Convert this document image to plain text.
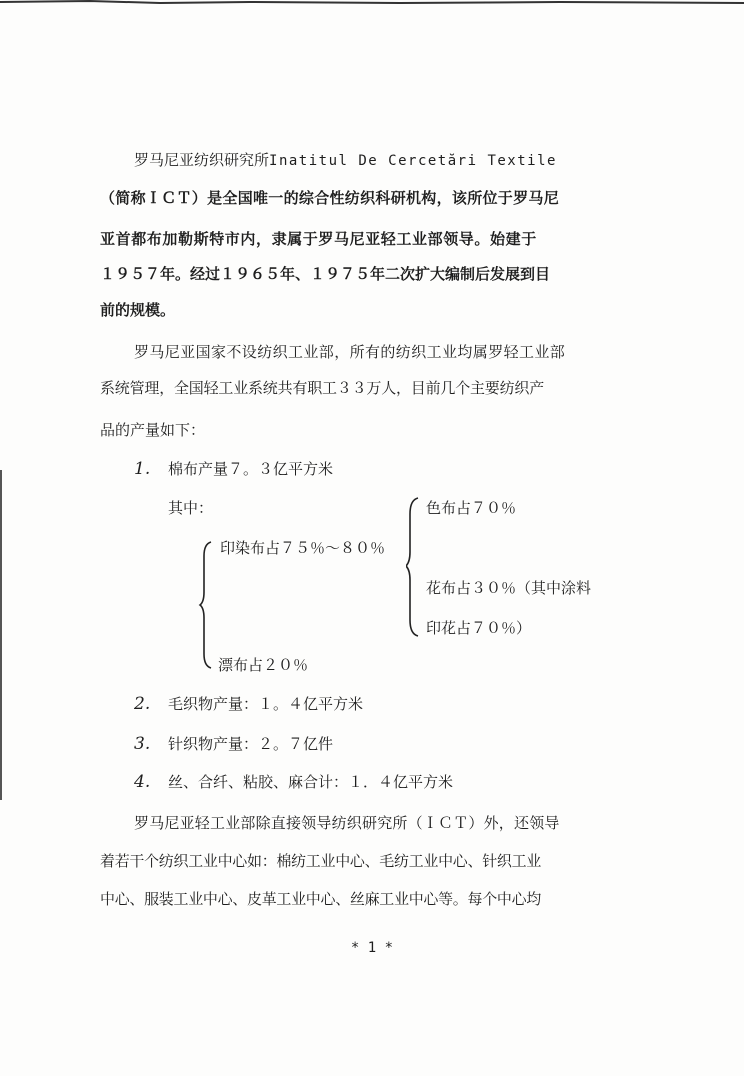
罗马尼亚纺织研究所Inatitul De Cercetări Textile
（简称ＩＣＴ）是全国唯一的综合性纺织科研机构，该所位于罗马尼
亚首都布加勒斯特市内，隶属于罗马尼亚轻工业部领导。始建于
１９５７年。经过１９６５年、１９７５年二次扩大编制后发展到目
前的规模。
罗马尼亚国家不设纺织工业部，所有的纺织工业均属罗轻工业部
系统管理，全国轻工业系统共有职工３３万人，目前几个主要纺织产
品的产量如下：
1. 棉布产量７。３亿平方米
其中：	色布占７０％
印染布占７５％～８０％
花布占３０％（其中涂料
印花占７０％）
漂布占２０％
2. 毛织物产量：１。４亿平方米
3. 针织物产量：２。７亿件
4. 丝、合纤、粘胶、麻合计：１．４亿平方米
罗马尼亚轻工业部除直接领导纺织研究所（ＩＣＴ）外，还领导
着若干个纺织工业中心如：棉纺工业中心、毛纺工业中心、针织工业
中心、服装工业中心、皮革工业中心、丝麻工业中心等。每个中心均
* 1 *
